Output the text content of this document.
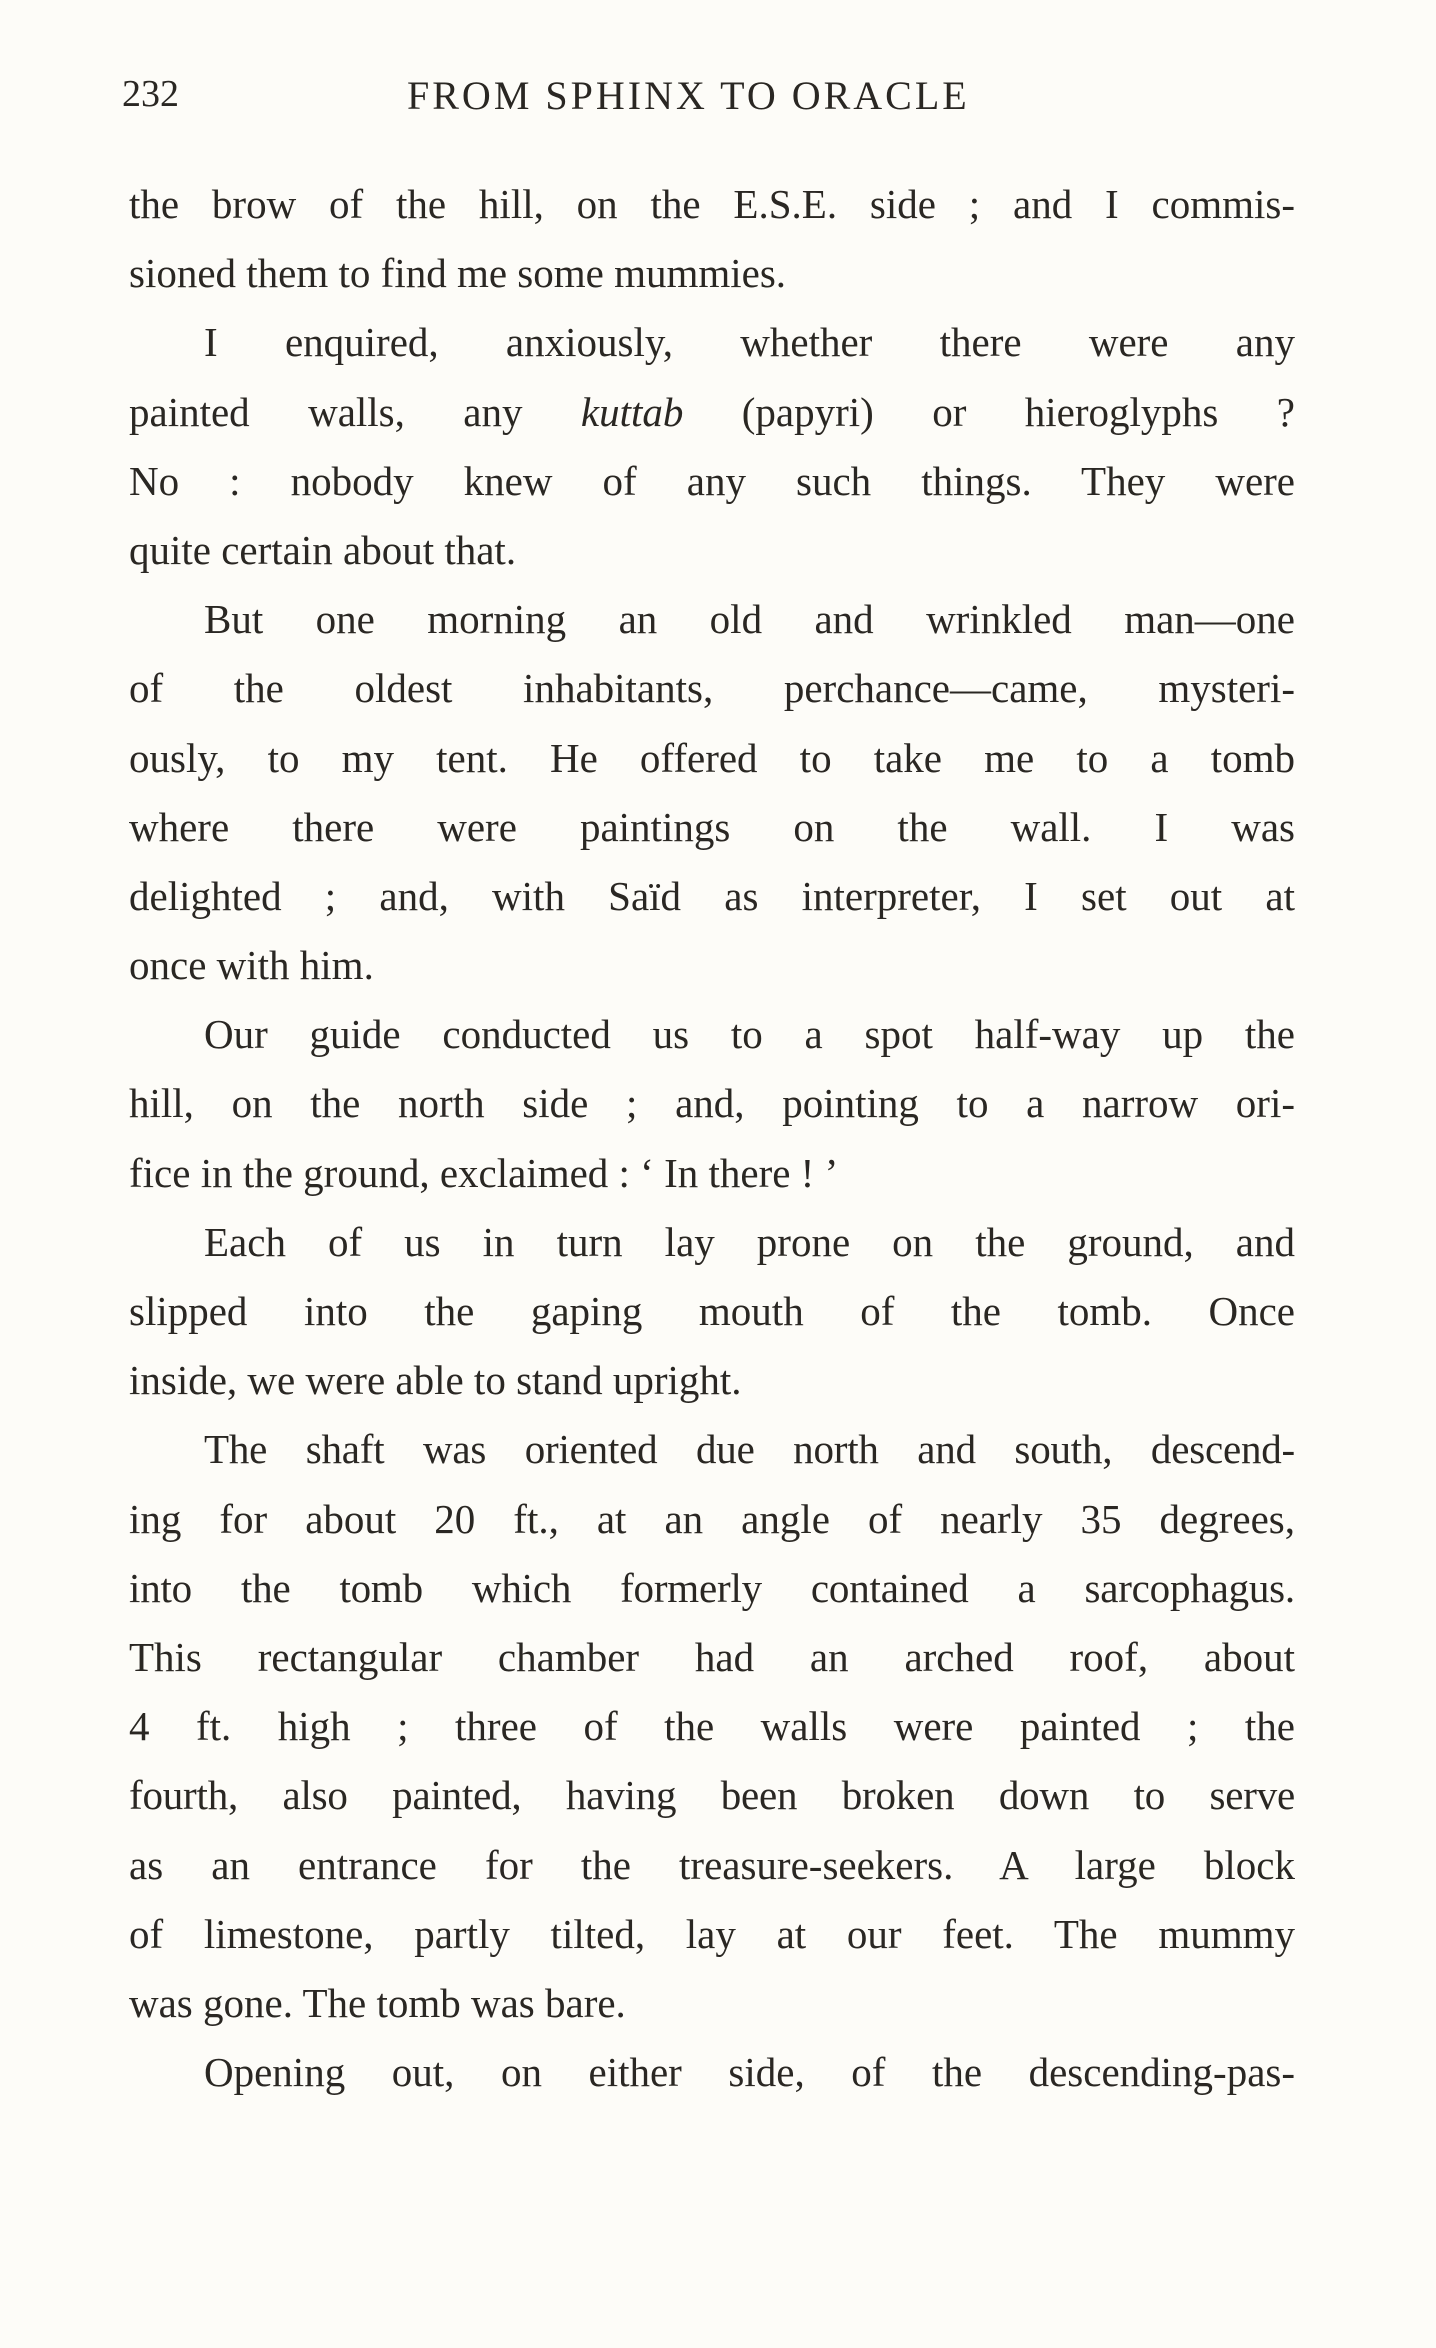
232	FROM SPHINX TO ORACLE
the brow of the hill, on the E.S.E. side ; and I commis-
sioned them to find me some mummies.
I enquired, anxiously, whether there were any
painted walls, any kuttab (papyri) or hieroglyphs ?
No : nobody knew of any such things. They were
quite certain about that.
But one morning an old and wrinkled man—one
of the oldest inhabitants, perchance—came, mysteri-
ously, to my tent. He offered to take me to a tomb
where there were paintings on the wall. I was
delighted ; and, with Saïd as interpreter, I set out at
once with him.
Our guide conducted us to a spot half-way up the
hill, on the north side ; and, pointing to a narrow ori-
fice in the ground, exclaimed : ‘ In there ! ’
Each of us in turn lay prone on the ground, and
slipped into the gaping mouth of the tomb. Once
inside, we were able to stand upright.
The shaft was oriented due north and south, descend-
ing for about 20 ft., at an angle of nearly 35 degrees,
into the tomb which formerly contained a sarcophagus.
This rectangular chamber had an arched roof, about
4 ft. high ; three of the walls were painted ; the
fourth, also painted, having been broken down to serve
as an entrance for the treasure-seekers. A large block
of limestone, partly tilted, lay at our feet. The mummy
was gone. The tomb was bare.
Opening out, on either side, of the descending-pas-
